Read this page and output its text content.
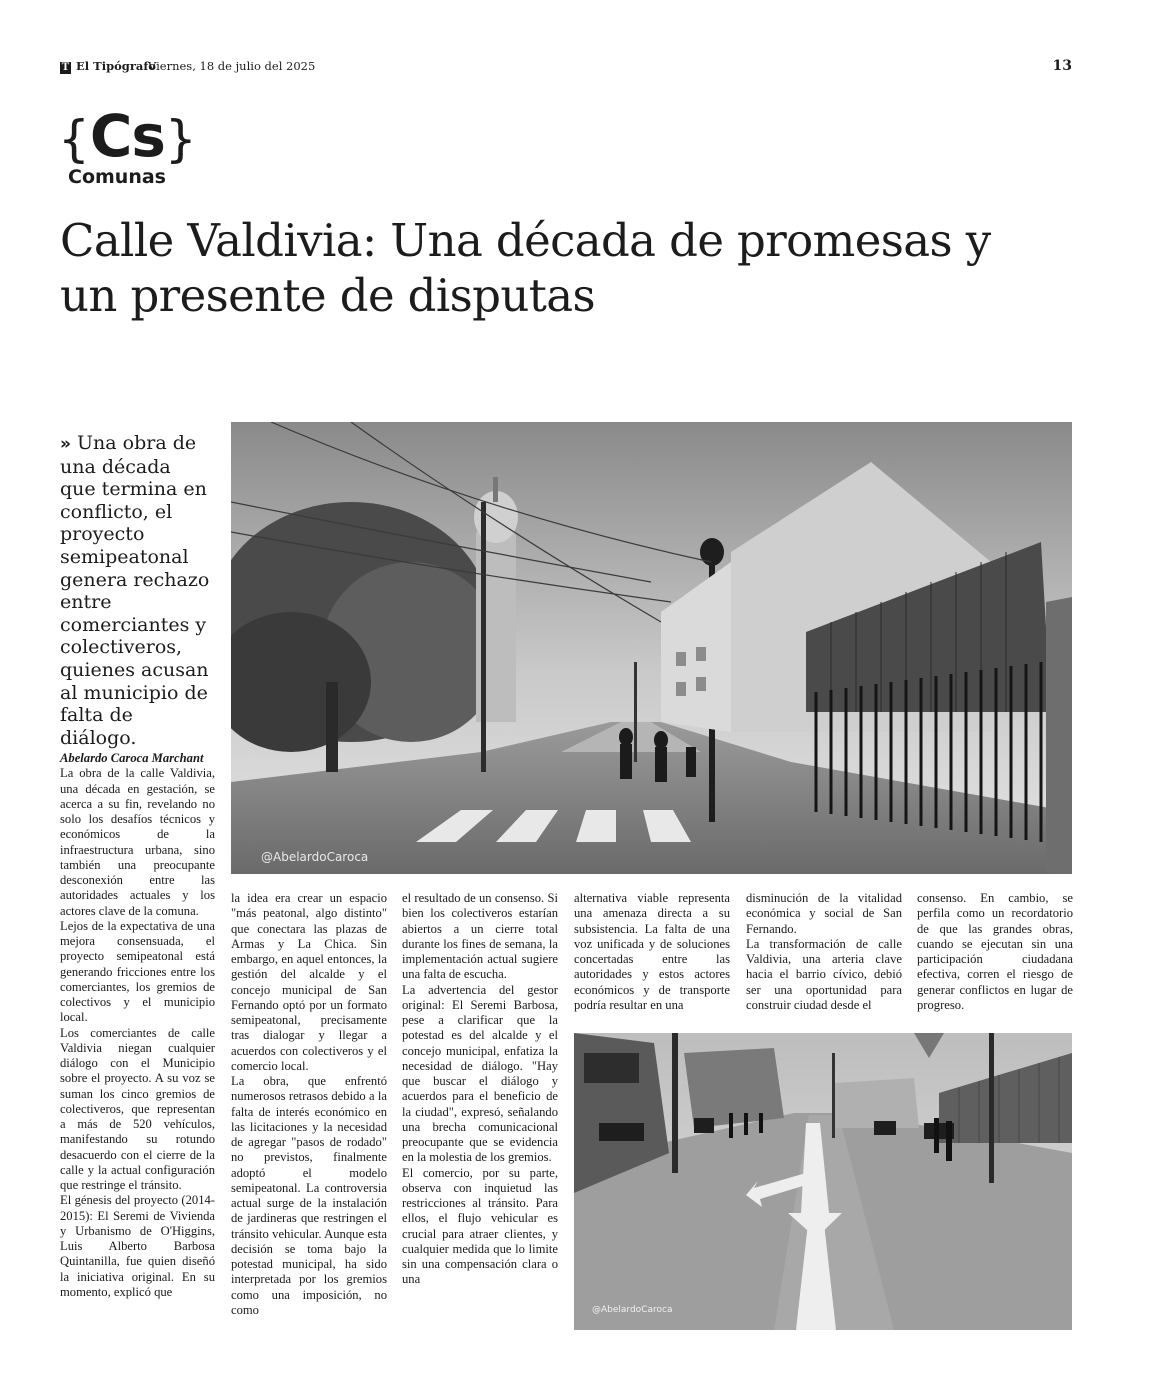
T El Tipógrafo
Viernes, 18 de julio del 2025	13
{Cs}
Comunas
Calle Valdivia: Una década de promesas y un presente de disputas
» Una obra de una década que termina en conflicto, el proyecto semipeatonal genera rechazo entre comerciantes y colectiveros, quienes acusan al municipio de falta de diálogo.

Abelardo Caroca Marchant

La obra de la calle Valdivia, una década en gestación, se acerca a su fin, revelando no solo los desafíos técnicos y económicos de la infraestructura urbana, sino también una preocupante desconexión entre las autoridades actuales y los actores clave de la comuna.

Lejos de la expectativa de una mejora consensuada, el proyecto semipeatonal está generando fricciones entre los comerciantes, los gremios de colectivos y el municipio local.

Los comerciantes de calle Valdivia niegan cualquier diálogo con el Municipio sobre el proyecto. A su voz se suman los cinco gremios de colectiveros, que representan a más de 520 vehículos, manifestando su rotundo desacuerdo con el cierre de la calle y la actual configuración que restringe el tránsito.

El génesis del proyecto (2014-2015): El Seremi de Vivienda y Urbanismo de O'Higgins, Luis Alberto Barbosa Quintanilla, fue quien diseñó la iniciativa original. En su momento, explicó que

la idea era crear un espacio "más peatonal, algo distinto" que conectara las plazas de Armas y La Chica. Sin embargo, en aquel entonces, la gestión del alcalde y el concejo municipal de San Fernando optó por un formato semipeatonal, precisamente tras dialogar y llegar a acuerdos con colectiveros y el comercio local.

La obra, que enfrentó numerosos retrasos debido a la falta de interés económico en las licitaciones y la necesidad de agregar "pasos de rodado" no previstos, finalmente adoptó el modelo semipeatonal. La controversia actual surge de la instalación de jardineras que restringen el tránsito vehicular. Aunque esta decisión se toma bajo la potestad municipal, ha sido interpretada por los gremios como una imposición, no como

el resultado de un consenso. Si bien los colectiveros estarían abiertos a un cierre total durante los fines de semana, la implementación actual sugiere una falta de escucha.

La advertencia del gestor original: El Seremi Barbosa, pese a clarificar que la potestad es del alcalde y el concejo municipal, enfatiza la necesidad de diálogo. "Hay que buscar el diálogo y acuerdos para el beneficio de la ciudad", expresó, señalando una brecha comunicacional preocupante que se evidencia en la molestia de los gremios.

El comercio, por su parte, observa con inquietud las restricciones al tránsito. Para ellos, el flujo vehicular es crucial para atraer clientes, y cualquier medida que lo limite sin una compensación clara o una

alternativa viable representa una amenaza directa a su subsistencia. La falta de una voz unificada y de soluciones concertadas entre las autoridades y estos actores económicos y de transporte podría resultar en una

disminución de la vitalidad económica y social de San Fernando.

La transformación de calle Valdivia, una arteria clave hacia el barrio cívico, debió ser una oportunidad para construir ciudad desde el

consenso. En cambio, se perfila como un recordatorio de que las grandes obras, cuando se ejecutan sin una participación ciudadana efectiva, corren el riesgo de generar conflictos en lugar de progreso.

@AbelardoCaroca
@AbelardoCaroca
